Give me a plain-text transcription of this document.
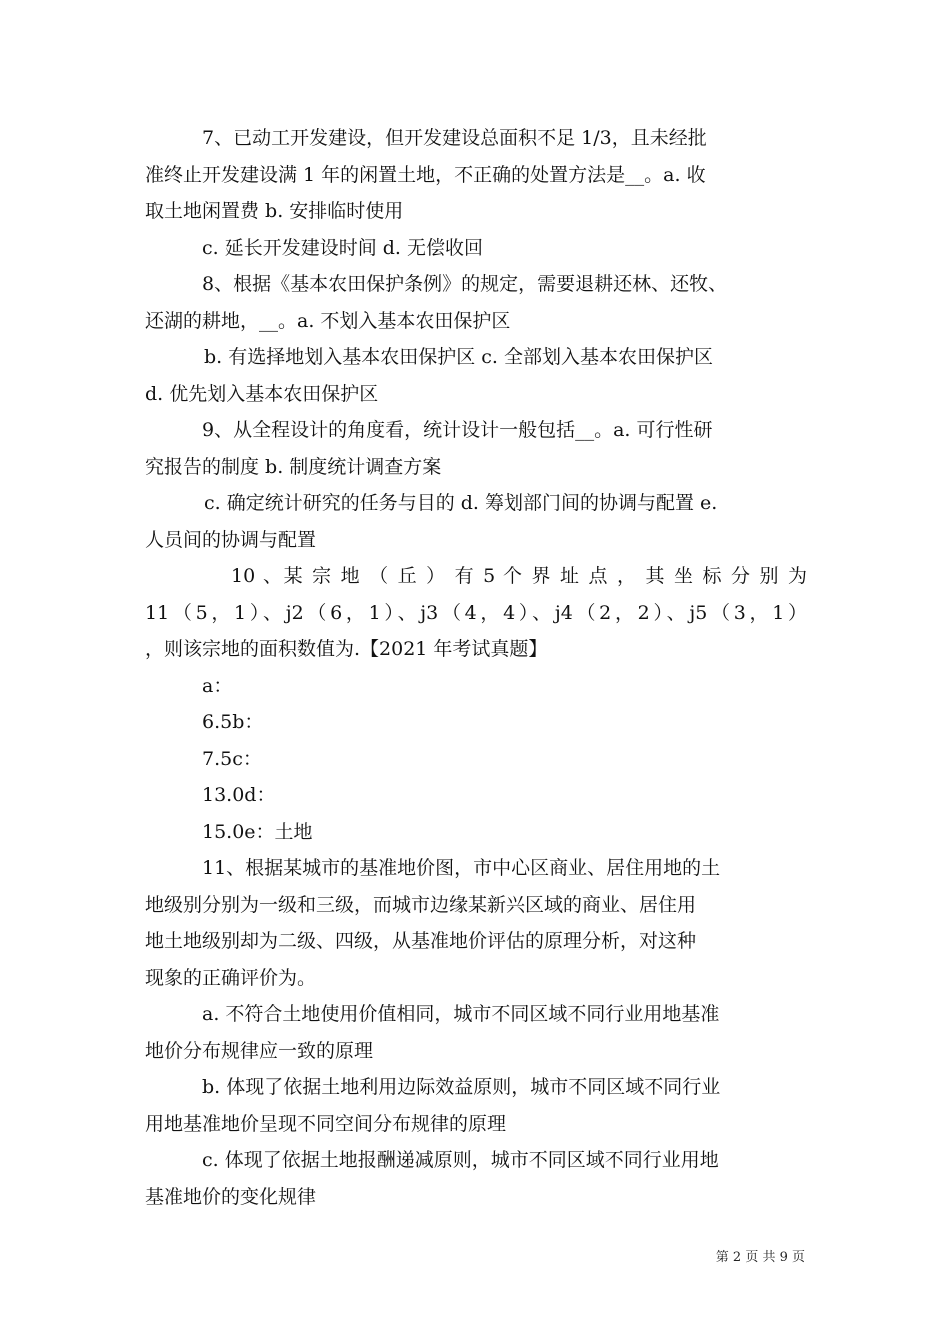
7、已动工开发建设，但开发建设总面积不足 1/3，且未经批
准终止开发建设满 1 年的闲置土地，不正确的处置方法是__。a. 收
取土地闲置费 b. 安排临时使用
c. 延长开发建设时间 d. 无偿收回
8、根据《基本农田保护条例》的规定，需要退耕还林、还牧、
还湖的耕地，__。a. 不划入基本农田保护区
b. 有选择地划入基本农田保护区 c. 全部划入基本农田保护区
d. 优先划入基本农田保护区
9、从全程设计的角度看，统计设计一般包括__。a. 可行性研
究报告的制度 b. 制度统计调查方案
c. 确定统计研究的任务与目的 d. 筹划部门间的协调与配置 e.
人员间的协调与配置
10 、某 宗 地 （ 丘 ） 有 5 个 界 址 点 ， 其 坐 标 分 别 为
11（5，1）、j2（6，1）、j3（4，4）、j4（2，2）、j5（3，1）
，则该宗地的面积数值为.【2021 年考试真题】
a：
6.5b：
7.5c：
13.0d：
15.0e：土地
11、根据某城市的基准地价图，市中心区商业、居住用地的土
地级别分别为一级和三级，而城市边缘某新兴区域的商业、居住用
地土地级别却为二级、四级，从基准地价评估的原理分析，对这种
现象的正确评价为。
a. 不符合土地使用价值相同，城市不同区域不同行业用地基准
地价分布规律应一致的原理
b. 体现了依据土地利用边际效益原则，城市不同区域不同行业
用地基准地价呈现不同空间分布规律的原理
c. 体现了依据土地报酬递减原则，城市不同区域不同行业用地
基准地价的变化规律
第 2 页 共 9 页
